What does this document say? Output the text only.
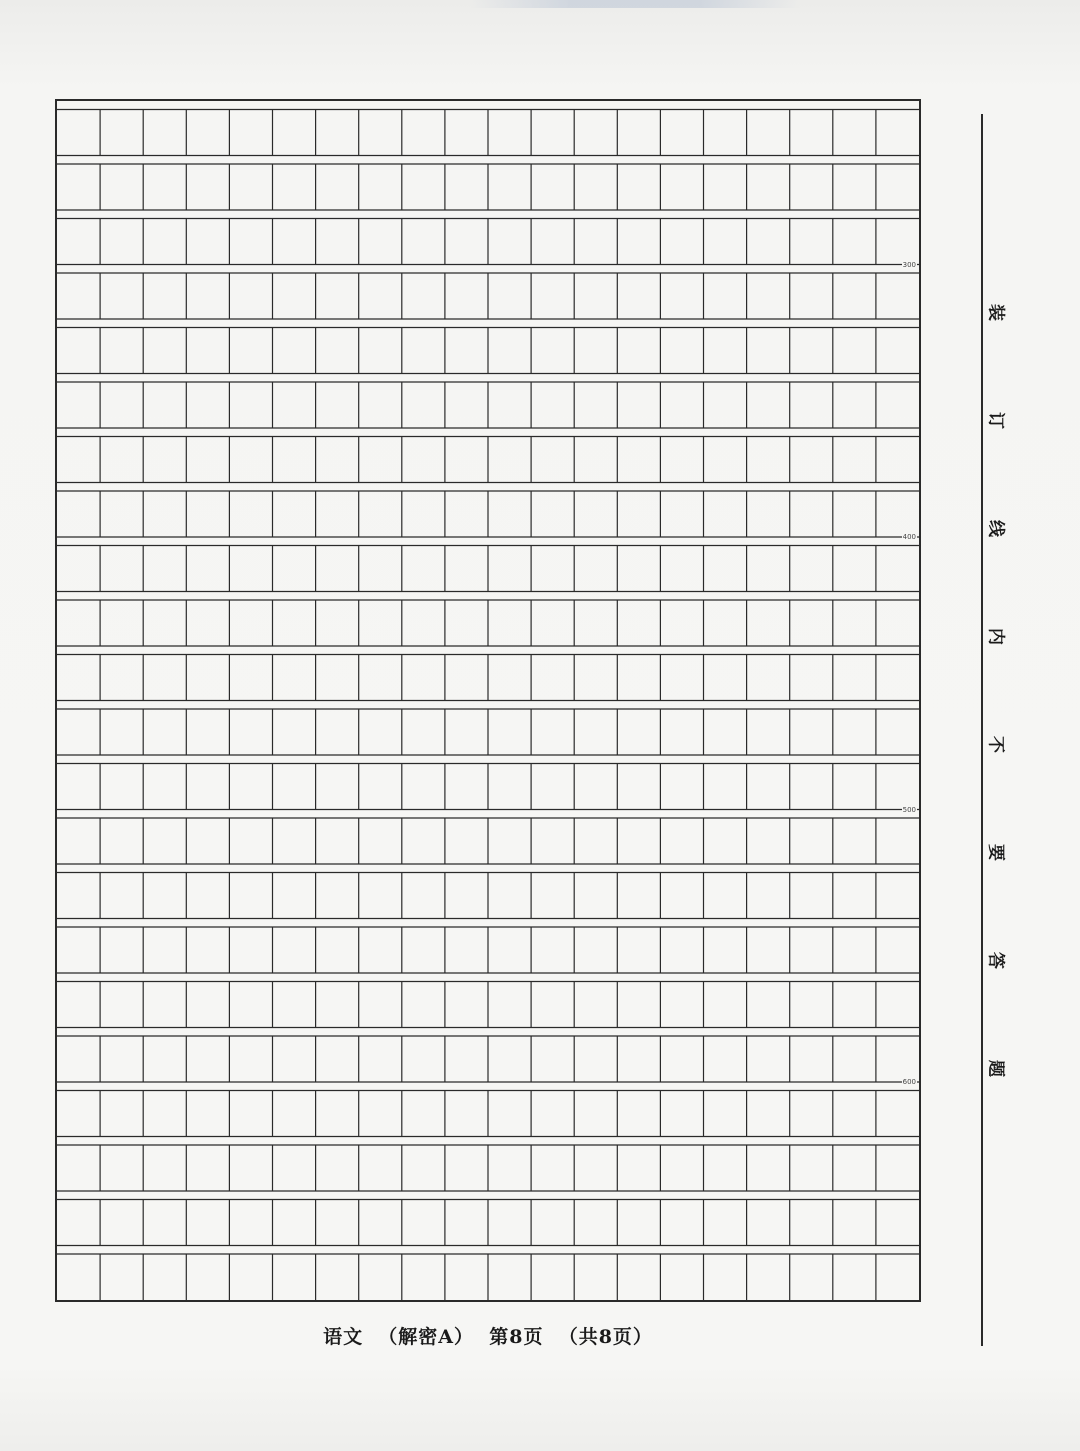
300
400
500
600
语文  （解密A）  第8页  （共8页）
装
订
线
内
不
要
答
题
